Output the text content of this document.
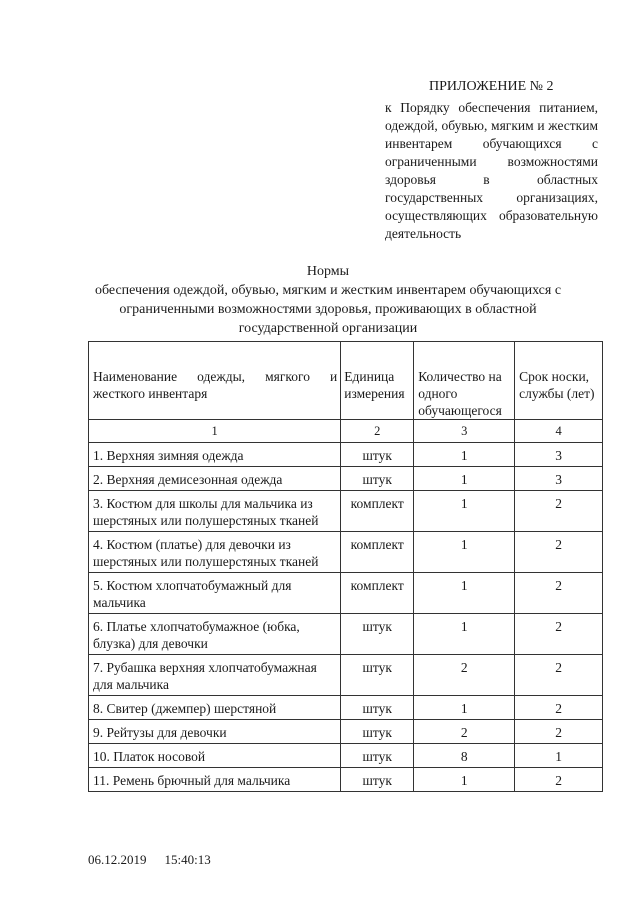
ПРИЛОЖЕНИЕ № 2
к Порядку обеспечения питанием, одеждой, обувью, мягким и жестким инвентарем обучающихся с ограниченными возможностями здоровья в областных государственных организациях, осуществляющих образовательную деятельность
Нормы
обеспечения одеждой, обувью, мягким и жестким инвентарем обучающихся с ограниченными возможностями здоровья, проживающих в областной государственной организации
Наименование одежды, мягкого и жесткого инвентаря	Единица измерения	Количество на одного обучающегося	Срок носки, службы (лет)
1	2	3	4
1. Верхняя зимняя одежда	штук	1	3
2. Верхняя демисезонная одежда	штук	1	3
3. Костюм для школы для мальчика из шерстяных или полушерстяных тканей	комплект	1	2
4. Костюм (платье) для девочки из шерстяных или полушерстяных тканей	комплект	1	2
5. Костюм хлопчатобумажный для мальчика	комплект	1	2
6. Платье хлопчатобумажное (юбка, блузка) для девочки	штук	1	2
7. Рубашка верхняя хлопчатобумажная для мальчика	штук	2	2
8. Свитер (джемпер) шерстяной	штук	1	2
9. Рейтузы для девочки	штук	2	2
10. Платок носовой	штук	8	1
11. Ремень брючный для мальчика	штук	1	2
06.12.2019 15:40:13
